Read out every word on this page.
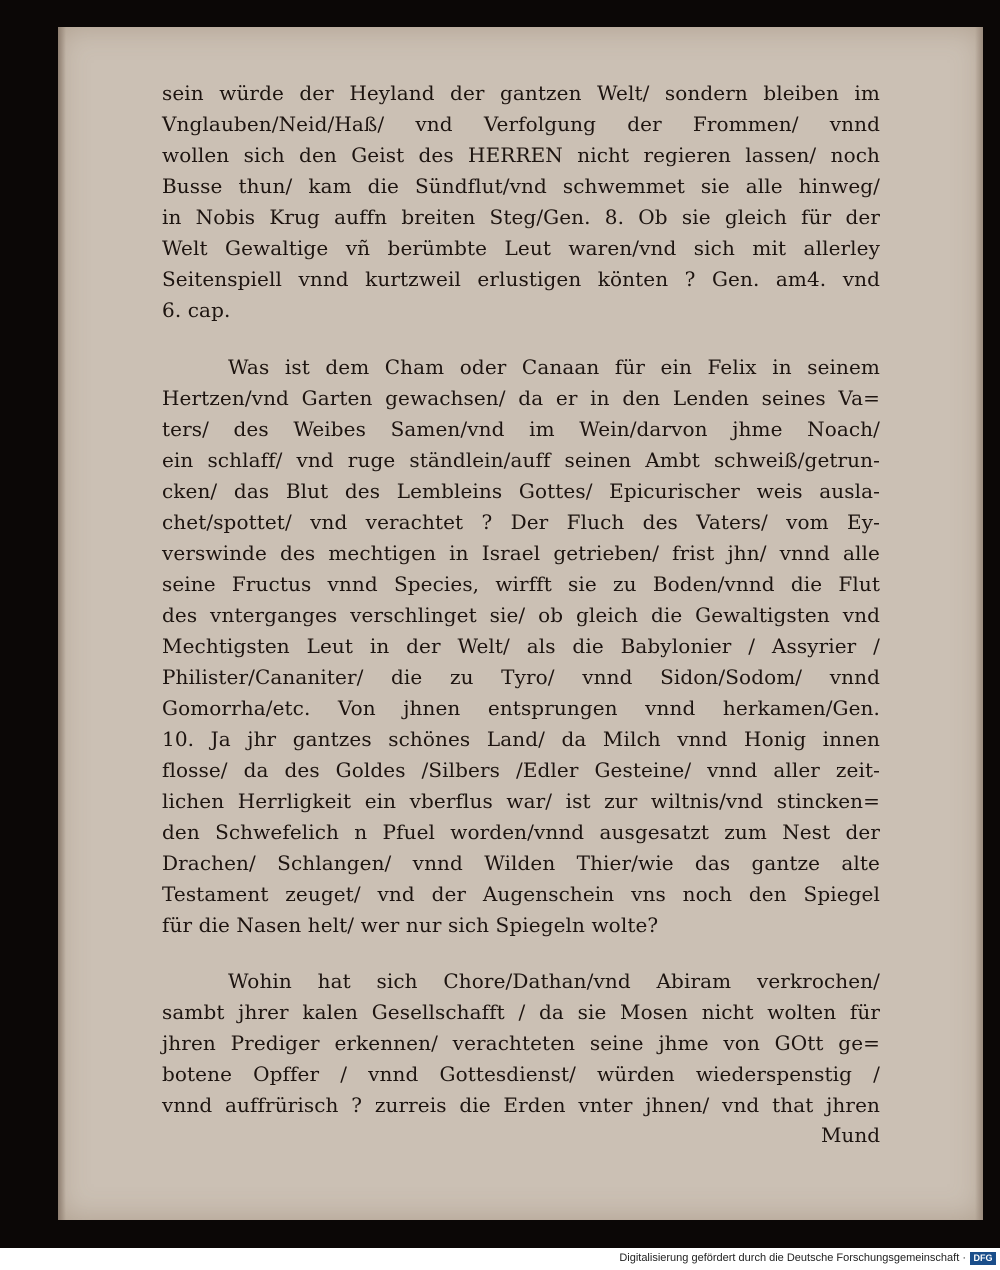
sein würde der Heyland der gantzen Welt/ sondern bleiben im
Vnglauben/Neid/Haß/ vnd Verfolgung der Frommen/ vnnd
wollen sich den Geist des HERREN nicht regieren lassen/ noch
Busse thun/ kam die Sündflut/vnd schwemmet sie alle hinweg/
in Nobis Krug auffn breiten Steg/Gen. 8. Ob sie gleich für der
Welt Gewaltige vñ berümbte Leut waren/vnd sich mit allerley
Seitenspiell vnnd kurtzweil erlustigen könten ? Gen. am4. vnd
6. cap.
Was ist dem Cham oder Canaan für ein Felix in seinem
Hertzen/vnd Garten gewachsen/ da er in den Lenden seines Va=
ters/ des Weibes Samen/vnd im Wein/darvon jhme Noach/
ein schlaff/ vnd ruge ständlein/auff seinen Ambt schweiß/getrun-
cken/ das Blut des Lembleins Gottes/ Epicurischer weis ausla-
chet/spottet/ vnd verachtet ? Der Fluch des Vaters/ vom Ey-
verswinde des mechtigen in Israel getrieben/ frist jhn/ vnnd alle
seine Fructus vnnd Species, wirfft sie zu Boden/vnnd die Flut
des vnterganges verschlinget sie/ ob gleich die Gewaltigsten vnd
Mechtigsten Leut in der Welt/ als die Babylonier / Assyrier /
Philister/Cananiter/ die zu Tyro/ vnnd Sidon/Sodom/ vnnd
Gomorrha/etc. Von jhnen entsprungen vnnd herkamen/Gen.
10. Ja jhr gantzes schönes Land/ da Milch vnnd Honig innen
flosse/ da des Goldes /Silbers /Edler Gesteine/ vnnd aller zeit-
lichen Herrligkeit ein vberflus war/ ist zur wiltnis/vnd stincken=
den Schwefelich n Pfuel worden/vnnd ausgesatzt zum Nest der
Drachen/ Schlangen/ vnnd Wilden Thier/wie das gantze alte
Testament zeuget/ vnd der Augenschein vns noch den Spiegel
für die Nasen helt/ wer nur sich Spiegeln wolte?
Wohin hat sich Chore/Dathan/vnd Abiram verkrochen/
sambt jhrer kalen Gesellschafft / da sie Mosen nicht wolten für
jhren Prediger erkennen/ verachteten seine jhme von GOtt ge=
botene Opffer / vnnd Gottesdienst/ würden wiederspenstig /
vnnd auffrürisch ? zurreis die Erden vnter jhnen/ vnd that jhren
Mund
Digitalisierung gefördert durch die Deutsche Forschungsgemeinschaft · DFG
